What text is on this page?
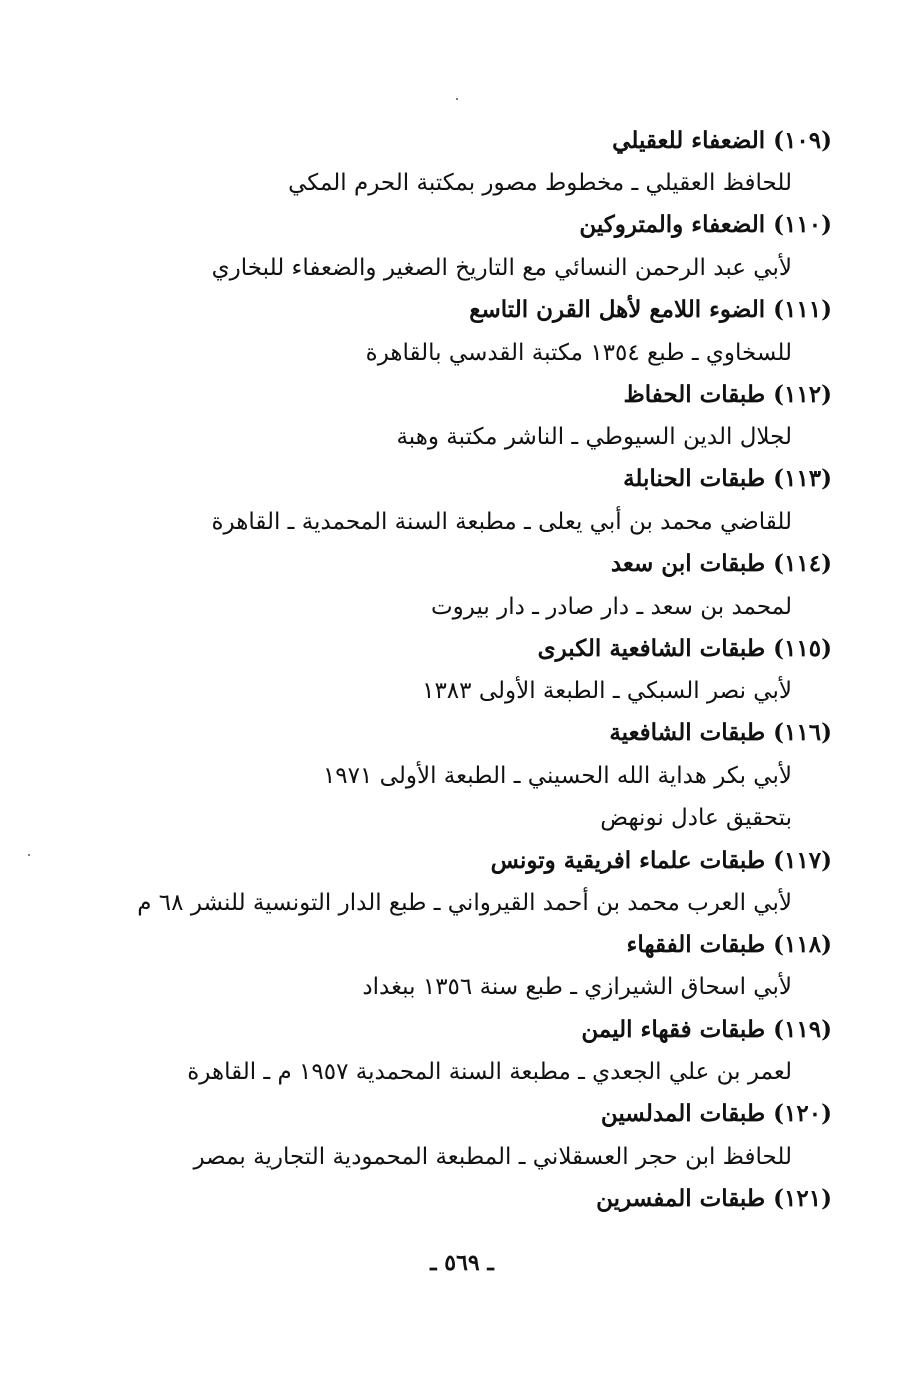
(١٠٩) الضعفاء للعقيلي
للحافظ العقيلي ـ مخطوط مصور بمكتبة الحرم المكي
(١١٠) الضعفاء والمتروكين
لأبي عبد الرحمن النسائي مع التاريخ الصغير والضعفاء للبخاري
(١١١) الضوء اللامع لأهل القرن التاسع
للسخاوي ـ طبع ١٣٥٤ مكتبة القدسي بالقاهرة
(١١٢) طبقات الحفاظ
لجلال الدين السيوطي ـ الناشر مكتبة وهبة
(١١٣) طبقات الحنابلة
للقاضي محمد بن أبي يعلى ـ مطبعة السنة المحمدية ـ القاهرة
(١١٤) طبقات ابن سعد
لمحمد بن سعد ـ دار صادر ـ دار بيروت
(١١٥) طبقات الشافعية الكبرى
لأبي نصر السبكي ـ الطبعة الأولى ١٣٨٣
(١١٦) طبقات الشافعية
لأبي بكر هداية الله الحسيني ـ الطبعة الأولى ١٩٧١
بتحقيق عادل نونهض
(١١٧) طبقات علماء افريقية وتونس
لأبي العرب محمد بن أحمد القيرواني ـ طبع الدار التونسية للنشر ٦٨ م
(١١٨) طبقات الفقهاء
لأبي اسحاق الشيرازي ـ طبع سنة ١٣٥٦ ببغداد
(١١٩) طبقات فقهاء اليمن
لعمر بن علي الجعدي ـ مطبعة السنة المحمدية ١٩٥٧ م ـ القاهرة
(١٢٠) طبقات المدلسين
للحافظ ابن حجر العسقلاني ـ المطبعة المحمودية التجارية بمصر
(١٢١) طبقات المفسرين
ـ ٥٦٩ ـ
